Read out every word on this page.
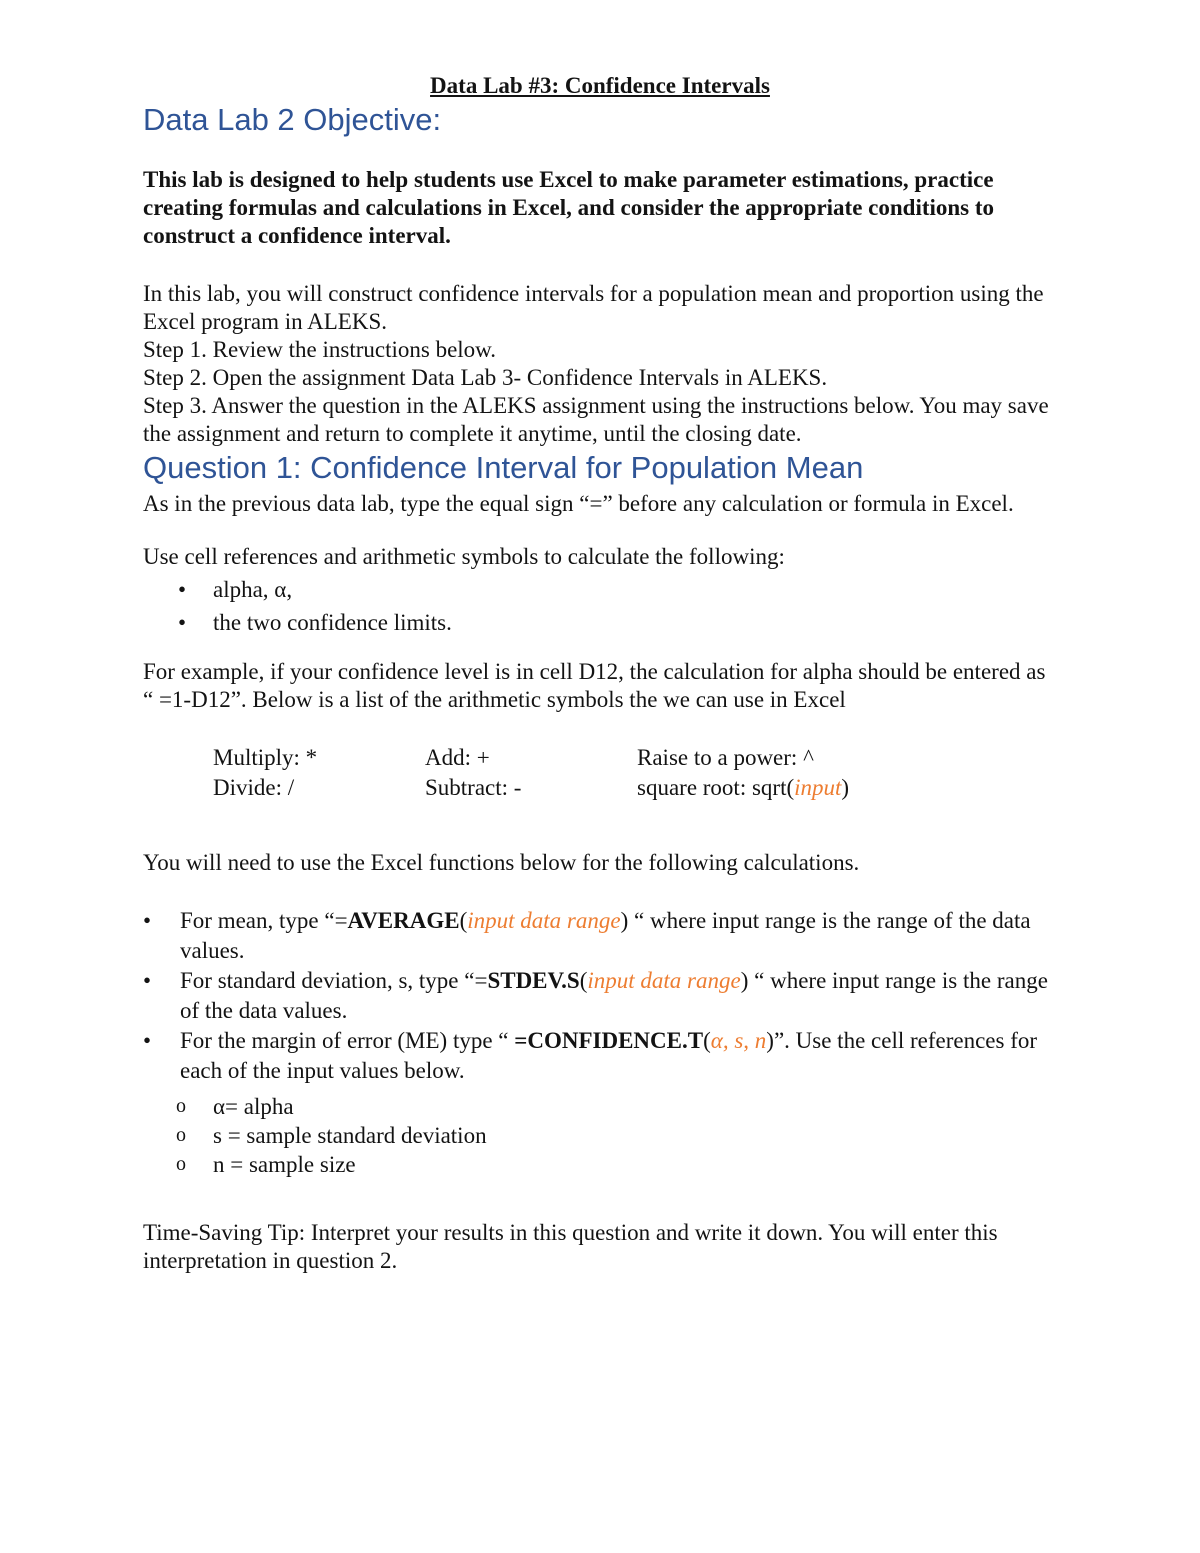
Data Lab #3: Confidence Intervals
Data Lab 2 Objective:
This lab is designed to help students use Excel to make parameter estimations, practice creating formulas and calculations in Excel, and consider the appropriate conditions to construct a confidence interval.
In this lab, you will construct confidence intervals for a population mean and proportion using the Excel program in ALEKS.
Step 1. Review the instructions below.
Step 2. Open the assignment Data Lab 3- Confidence Intervals in ALEKS.
Step 3. Answer the question in the ALEKS assignment using the instructions below. You may save the assignment and return to complete it anytime, until the closing date.
Question 1: Confidence Interval for Population Mean
As in the previous data lab, type the equal sign “=” before any calculation or formula in Excel.
Use cell references and arithmetic symbols to calculate the following:
•	alpha, α,
•	the two confidence limits.
For example, if your confidence level is in cell D12, the calculation for alpha should be entered as “ =1-D12”. Below is a list of the arithmetic symbols the we can use in Excel
Multiply: *	Add: +	Raise to a power: ^
Divide: /	Subtract: -	square root: sqrt(input)
You will need to use the Excel functions below for the following calculations.
•	For mean, type “=AVERAGE(input data range) “ where input range is the range of the data values.
•	For standard deviation, s, type “=STDEV.S(input data range) “ where input range is the range of the data values.
•	For the margin of error (ME) type “ =CONFIDENCE.T(α, s, n)”. Use the cell references for each of the input values below.
o	α= alpha
o	s = sample standard deviation
o	n = sample size
Time-Saving Tip: Interpret your results in this question and write it down. You will enter this interpretation in question 2.
